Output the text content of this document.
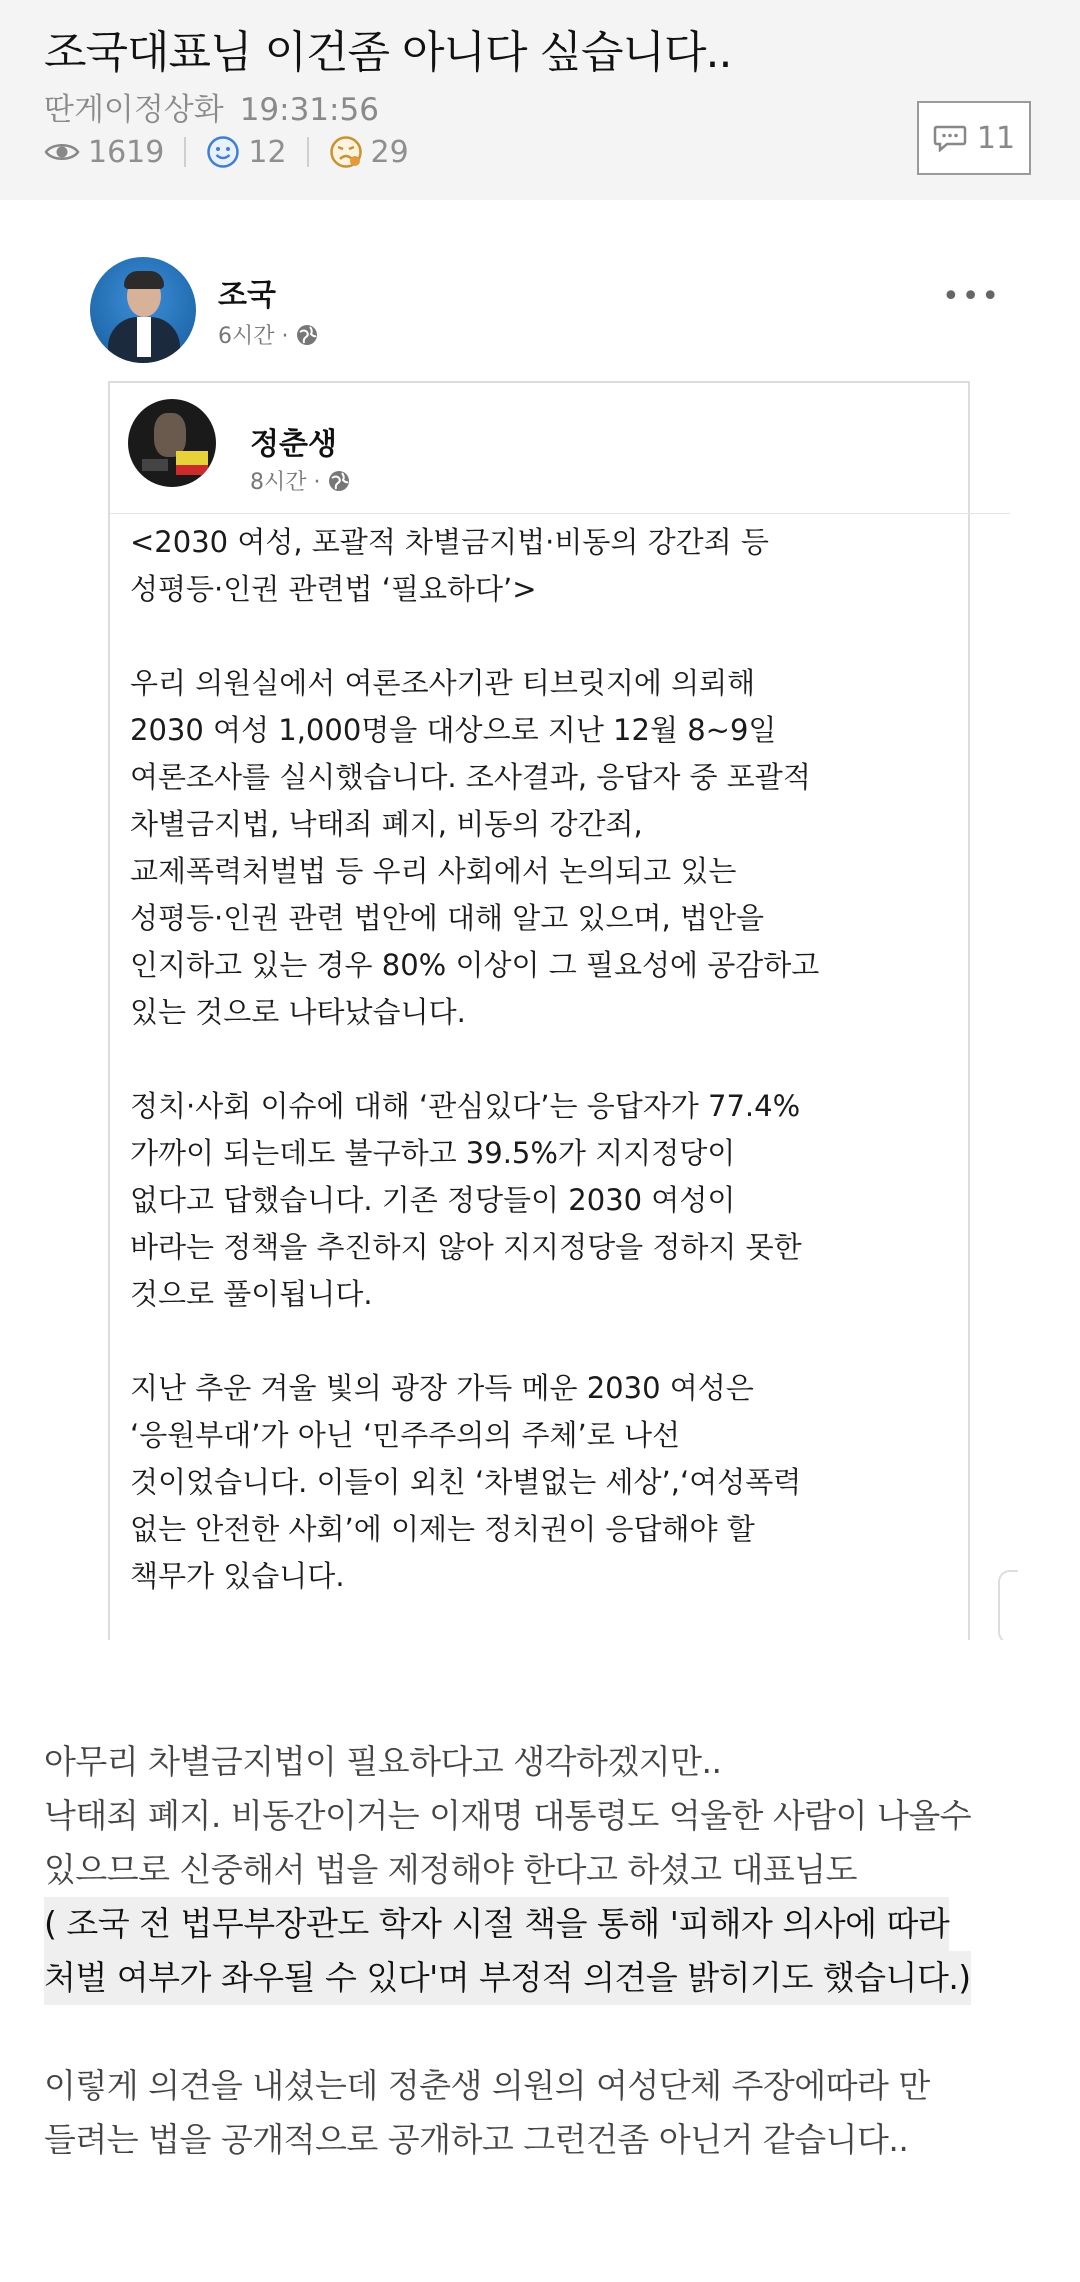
조국대표님 이건좀 아니다 싶습니다..
딴게이정상화 19:31:56
1619	12	29	11
조국
6시간 ·
•••
정춘생
8시간 ·

<2030 여성, 포괄적 차별금지법·비동의 강간죄 등
성평등·인권 관련법 ‘필요하다’>

우리 의원실에서 여론조사기관 티브릿지에 의뢰해
2030 여성 1,000명을 대상으로 지난 12월 8~9일
여론조사를 실시했습니다. 조사결과, 응답자 중 포괄적
차별금지법, 낙태죄 폐지, 비동의 강간죄,
교제폭력처벌법 등 우리 사회에서 논의되고 있는
성평등·인권 관련 법안에 대해 알고 있으며, 법안을
인지하고 있는 경우 80% 이상이 그 필요성에 공감하고
있는 것으로 나타났습니다.

정치·사회 이슈에 대해 ‘관심있다’는 응답자가 77.4%
가까이 되는데도 불구하고 39.5%가 지지정당이
없다고 답했습니다. 기존 정당들이 2030 여성이
바라는 정책을 추진하지 않아 지지정당을 정하지 못한
것으로 풀이됩니다.

지난 추운 겨울 빛의 광장 가득 메운 2030 여성은
‘응원부대’가 아닌 ‘민주주의의 주체’로 나선
것이었습니다. 이들이 외친 ‘차별없는 세상’,‘여성폭력
없는 안전한 사회’에 이제는 정치권이 응답해야 할
책무가 있습니다.

아무리 차별금지법이 필요하다고 생각하겠지만..

낙태죄 폐지. 비동간이거는 이재명 대통령도 억울한 사람이 나올수

있으므로 신중해서 법을 제정해야 한다고 하셨고 대표님도

( 조국 전 법무부장관도 학자 시절 책을 통해 '피해자 의사에 따라

처벌 여부가 좌우될 수 있다'며 부정적 의견을 밝히기도 했습니다.)

이렇게 의견을 내셨는데 정춘생 의원의 여성단체 주장에따라 만

들려는 법을 공개적으로 공개하고 그런건좀 아닌거 같습니다..
